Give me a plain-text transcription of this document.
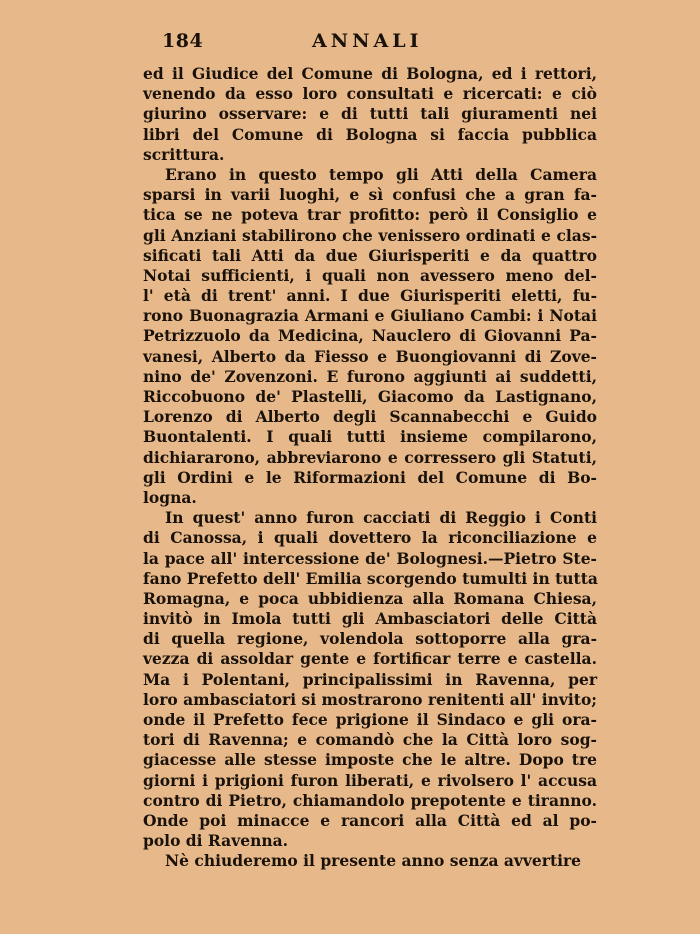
184	ANNALI
ed il Giudice del Comune di Bologna, ed i rettori,
venendo da esso loro consultati e ricercati: e ciò
giurino osservare: e di tutti tali giuramenti nei
libri del Comune di Bologna si faccia pubblica
scrittura.
Erano in questo tempo gli Atti della Camera
sparsi in varii luoghi, e sì confusi che a gran fa-
tica se ne poteva trar profitto: però il Consiglio e
gli Anziani stabilirono che venissero ordinati e clas-
sificati tali Atti da due Giurisperiti e da quattro
Notai sufficienti, i quali non avessero meno del-
l' età di trent' anni. I due Giurisperiti eletti, fu-
rono Buonagrazia Armani e Giuliano Cambi: i Notai
Petrizzuolo da Medicina, Nauclero di Giovanni Pa-
vanesi, Alberto da Fiesso e Buongiovanni di Zove-
nino de' Zovenzoni. E furono aggiunti ai suddetti,
Riccobuono de' Plastelli, Giacomo da Lastignano,
Lorenzo di Alberto degli Scannabecchi e Guido
Buontalenti. I quali tutti insieme compilarono,
dichiararono, abbreviarono e corressero gli Statuti,
gli Ordini e le Riformazioni del Comune di Bo-
logna.
In quest' anno furon cacciati di Reggio i Conti
di Canossa, i quali dovettero la riconciliazione e
la pace all' intercessione de' Bolognesi.—Pietro Ste-
fano Prefetto dell' Emilia scorgendo tumulti in tutta
Romagna, e poca ubbidienza alla Romana Chiesa,
invitò in Imola tutti gli Ambasciatori delle Città
di quella regione, volendola sottoporre alla gra-
vezza di assoldar gente e fortificar terre e castella.
Ma i Polentani, principalissimi in Ravenna, per
loro ambasciatori si mostrarono renitenti all' invito;
onde il Prefetto fece prigione il Sindaco e gli ora-
tori di Ravenna; e comandò che la Città loro sog-
giacesse alle stesse imposte che le altre. Dopo tre
giorni i prigioni furon liberati, e rivolsero l' accusa
contro di Pietro, chiamandolo prepotente e tiranno.
Onde poi minacce e rancori alla Città ed al po-
polo di Ravenna.
Nè chiuderemo il presente anno senza avvertire
